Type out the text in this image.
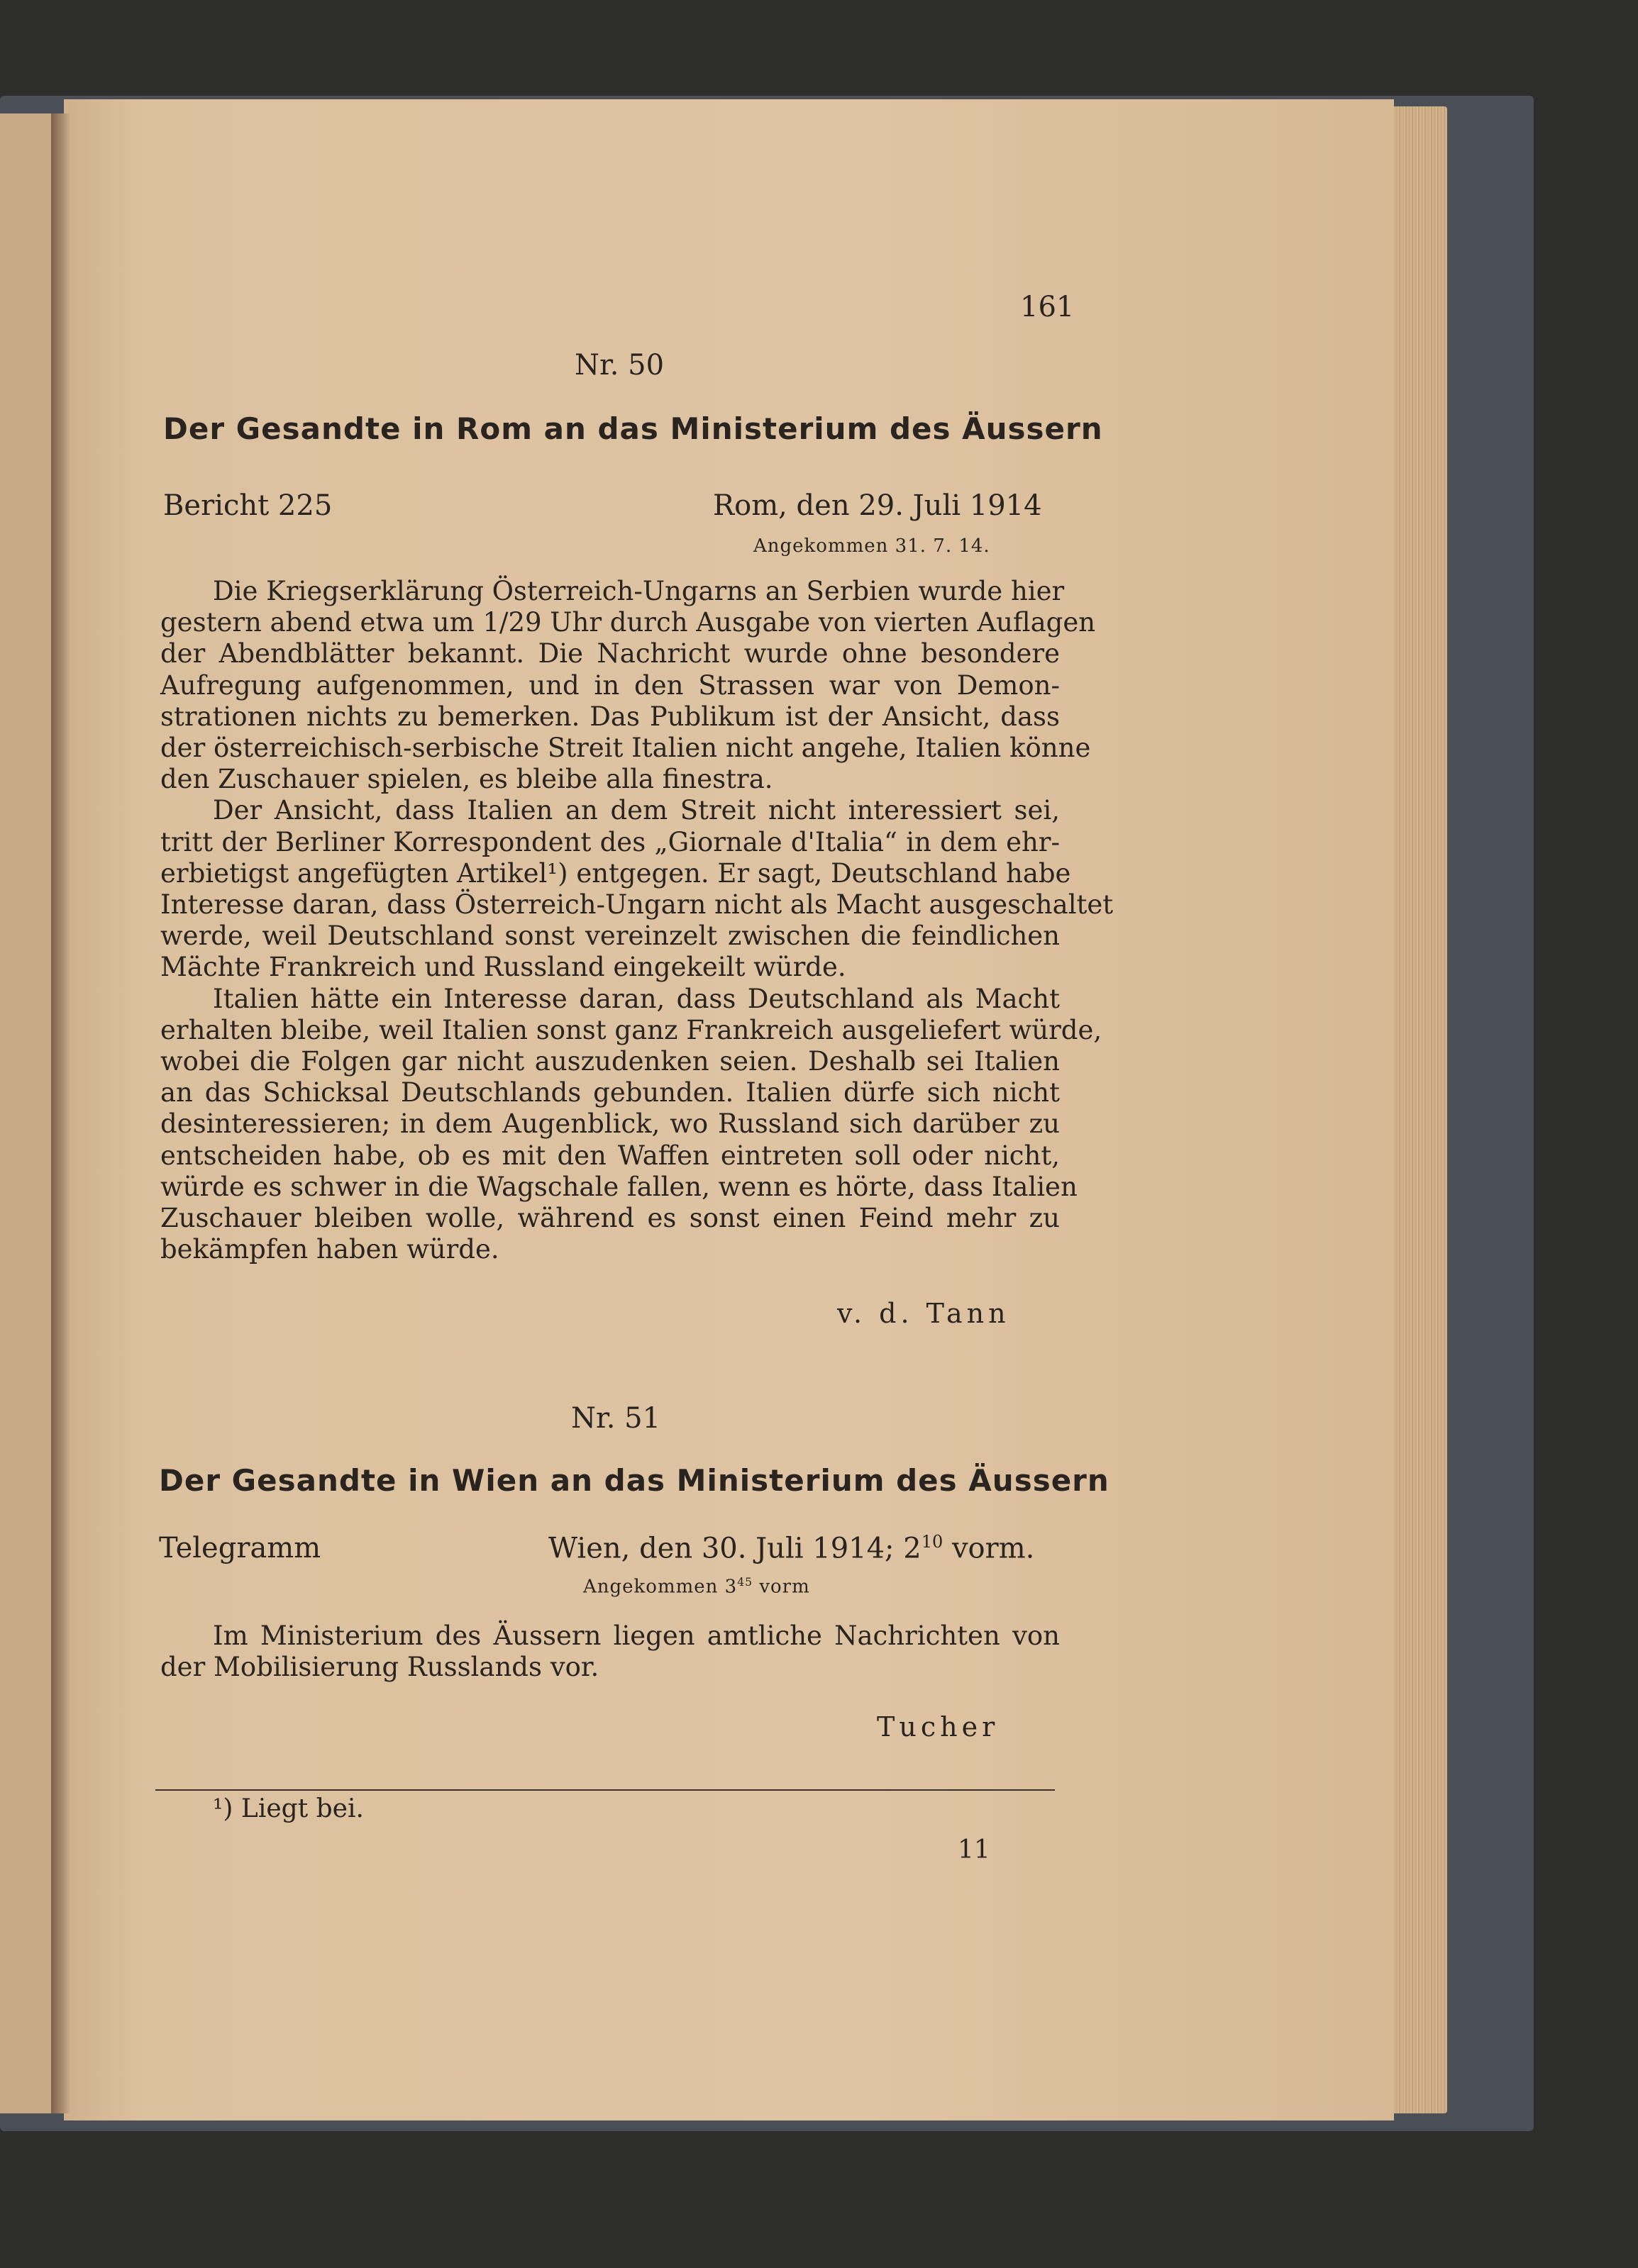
161
Nr. 50
Der Gesandte in Rom an das Ministerium des Äussern
Bericht 225	Rom, den 29. Juli 1914
Angekommen 31. 7. 14.
Die Kriegserklärung Österreich-Ungarns an Serbien wurde hier
gestern abend etwa um 1/29 Uhr durch Ausgabe von vierten Auflagen
der Abendblätter bekannt. Die Nachricht wurde ohne besondere
Aufregung aufgenommen, und in den Strassen war von Demon-
strationen nichts zu bemerken. Das Publikum ist der Ansicht, dass
der österreichisch-serbische Streit Italien nicht angehe, Italien könne
den Zuschauer spielen, es bleibe alla finestra.
Der Ansicht, dass Italien an dem Streit nicht interessiert sei,
tritt der Berliner Korrespondent des „Giornale d'Italia“ in dem ehr-
erbietigst angefügten Artikel¹) entgegen. Er sagt, Deutschland habe
Interesse daran, dass Österreich-Ungarn nicht als Macht ausgeschaltet
werde, weil Deutschland sonst vereinzelt zwischen die feindlichen
Mächte Frankreich und Russland eingekeilt würde.
Italien hätte ein Interesse daran, dass Deutschland als Macht
erhalten bleibe, weil Italien sonst ganz Frankreich ausgeliefert würde,
wobei die Folgen gar nicht auszudenken seien. Deshalb sei Italien
an das Schicksal Deutschlands gebunden. Italien dürfe sich nicht
desinteressieren; in dem Augenblick, wo Russland sich darüber zu
entscheiden habe, ob es mit den Waffen eintreten soll oder nicht,
würde es schwer in die Wagschale fallen, wenn es hörte, dass Italien
Zuschauer bleiben wolle, während es sonst einen Feind mehr zu
bekämpfen haben würde.
v. d. Tann
Nr. 51
Der Gesandte in Wien an das Ministerium des Äussern
Telegramm	Wien, den 30. Juli 1914; $2^{10}$ vorm.
Angekommen $3^{45}$ vorm
Im Ministerium des Äussern liegen amtliche Nachrichten von
der Mobilisierung Russlands vor.
Tucher
¹) Liegt bei.
11
